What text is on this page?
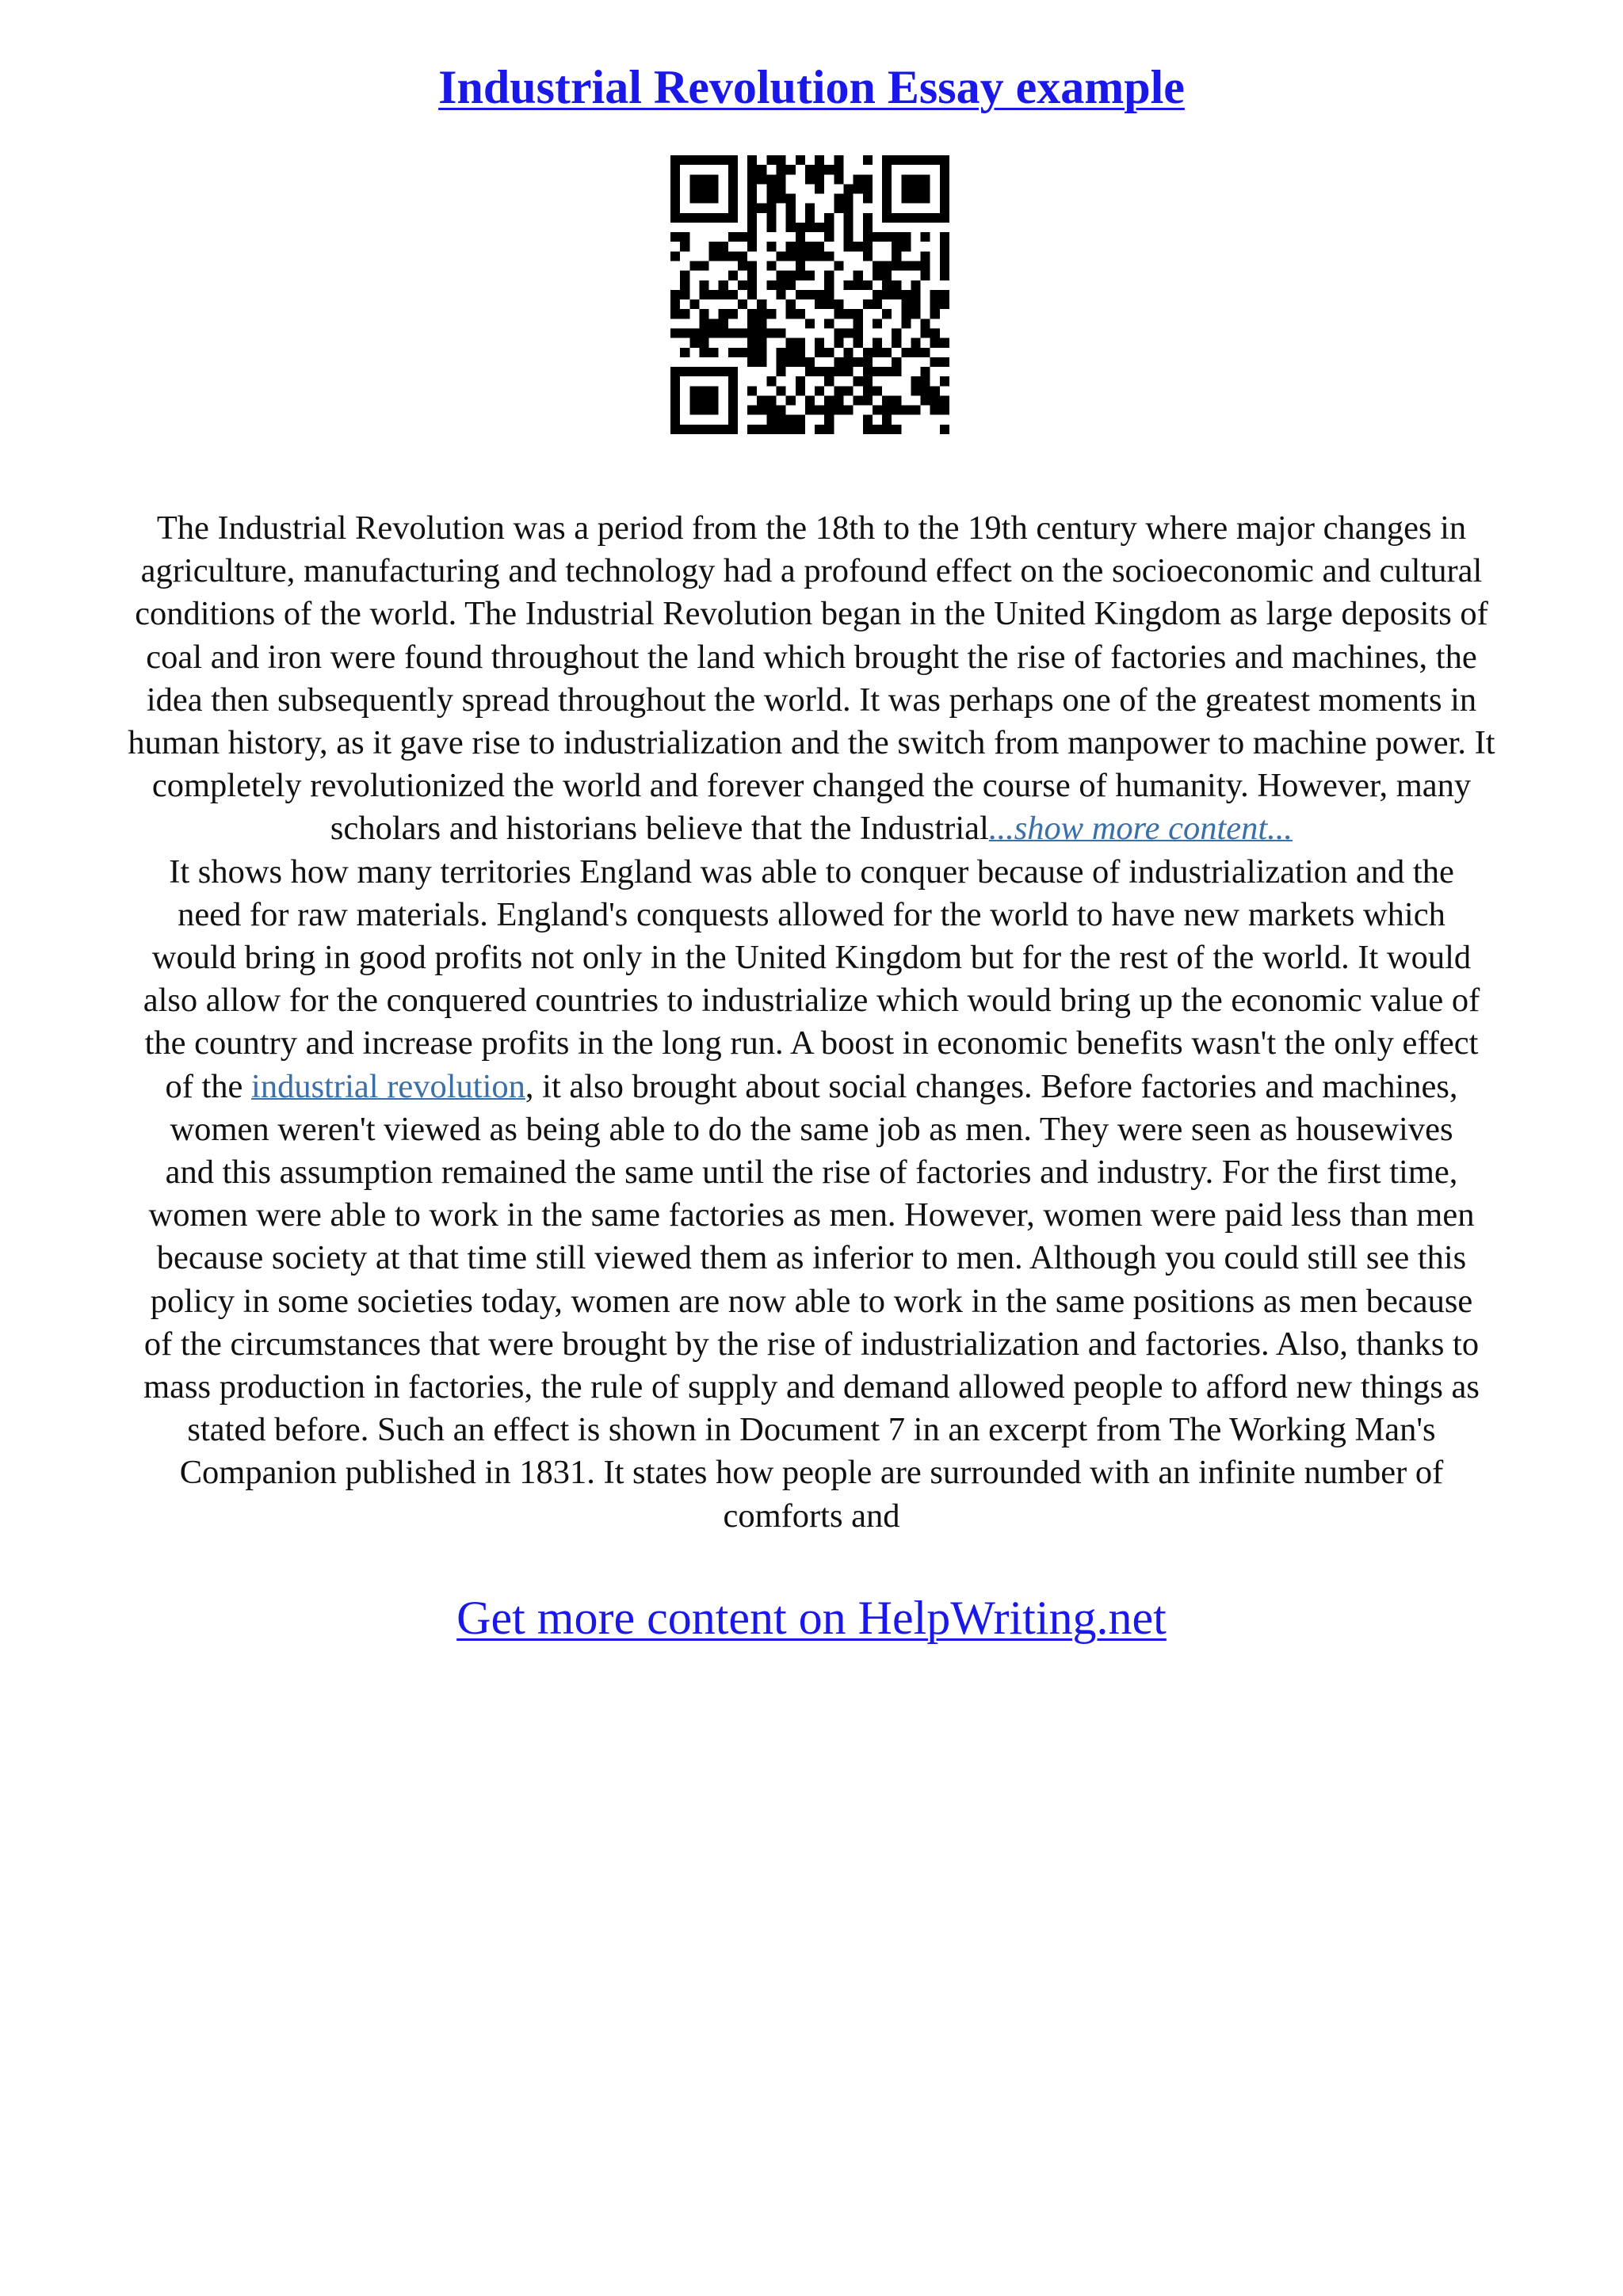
Industrial Revolution Essay example
The Industrial Revolution was a period from the 18th to the 19th century where major changes in
agriculture, manufacturing and technology had a profound effect on the socioeconomic and cultural
conditions of the world. The Industrial Revolution began in the United Kingdom as large deposits of
coal and iron were found throughout the land which brought the rise of factories and machines, the
idea then subsequently spread throughout the world. It was perhaps one of the greatest moments in
human history, as it gave rise to industrialization and the switch from manpower to machine power. It
completely revolutionized the world and forever changed the course of humanity. However, many
scholars and historians believe that the Industrial...show more content...
It shows how many territories England was able to conquer because of industrialization and the
need for raw materials. England's conquests allowed for the world to have new markets which
would bring in good profits not only in the United Kingdom but for the rest of the world. It would
also allow for the conquered countries to industrialize which would bring up the economic value of
the country and increase profits in the long run. A boost in economic benefits wasn't the only effect
of the industrial revolution, it also brought about social changes. Before factories and machines,
women weren't viewed as being able to do the same job as men. They were seen as housewives
and this assumption remained the same until the rise of factories and industry. For the first time,
women were able to work in the same factories as men. However, women were paid less than men
because society at that time still viewed them as inferior to men. Although you could still see this
policy in some societies today, women are now able to work in the same positions as men because
of the circumstances that were brought by the rise of industrialization and factories. Also, thanks to
mass production in factories, the rule of supply and demand allowed people to afford new things as
stated before. Such an effect is shown in Document 7 in an excerpt from The Working Man's
Companion published in 1831. It states how people are surrounded with an infinite number of
comforts and
Get more content on HelpWriting.net
